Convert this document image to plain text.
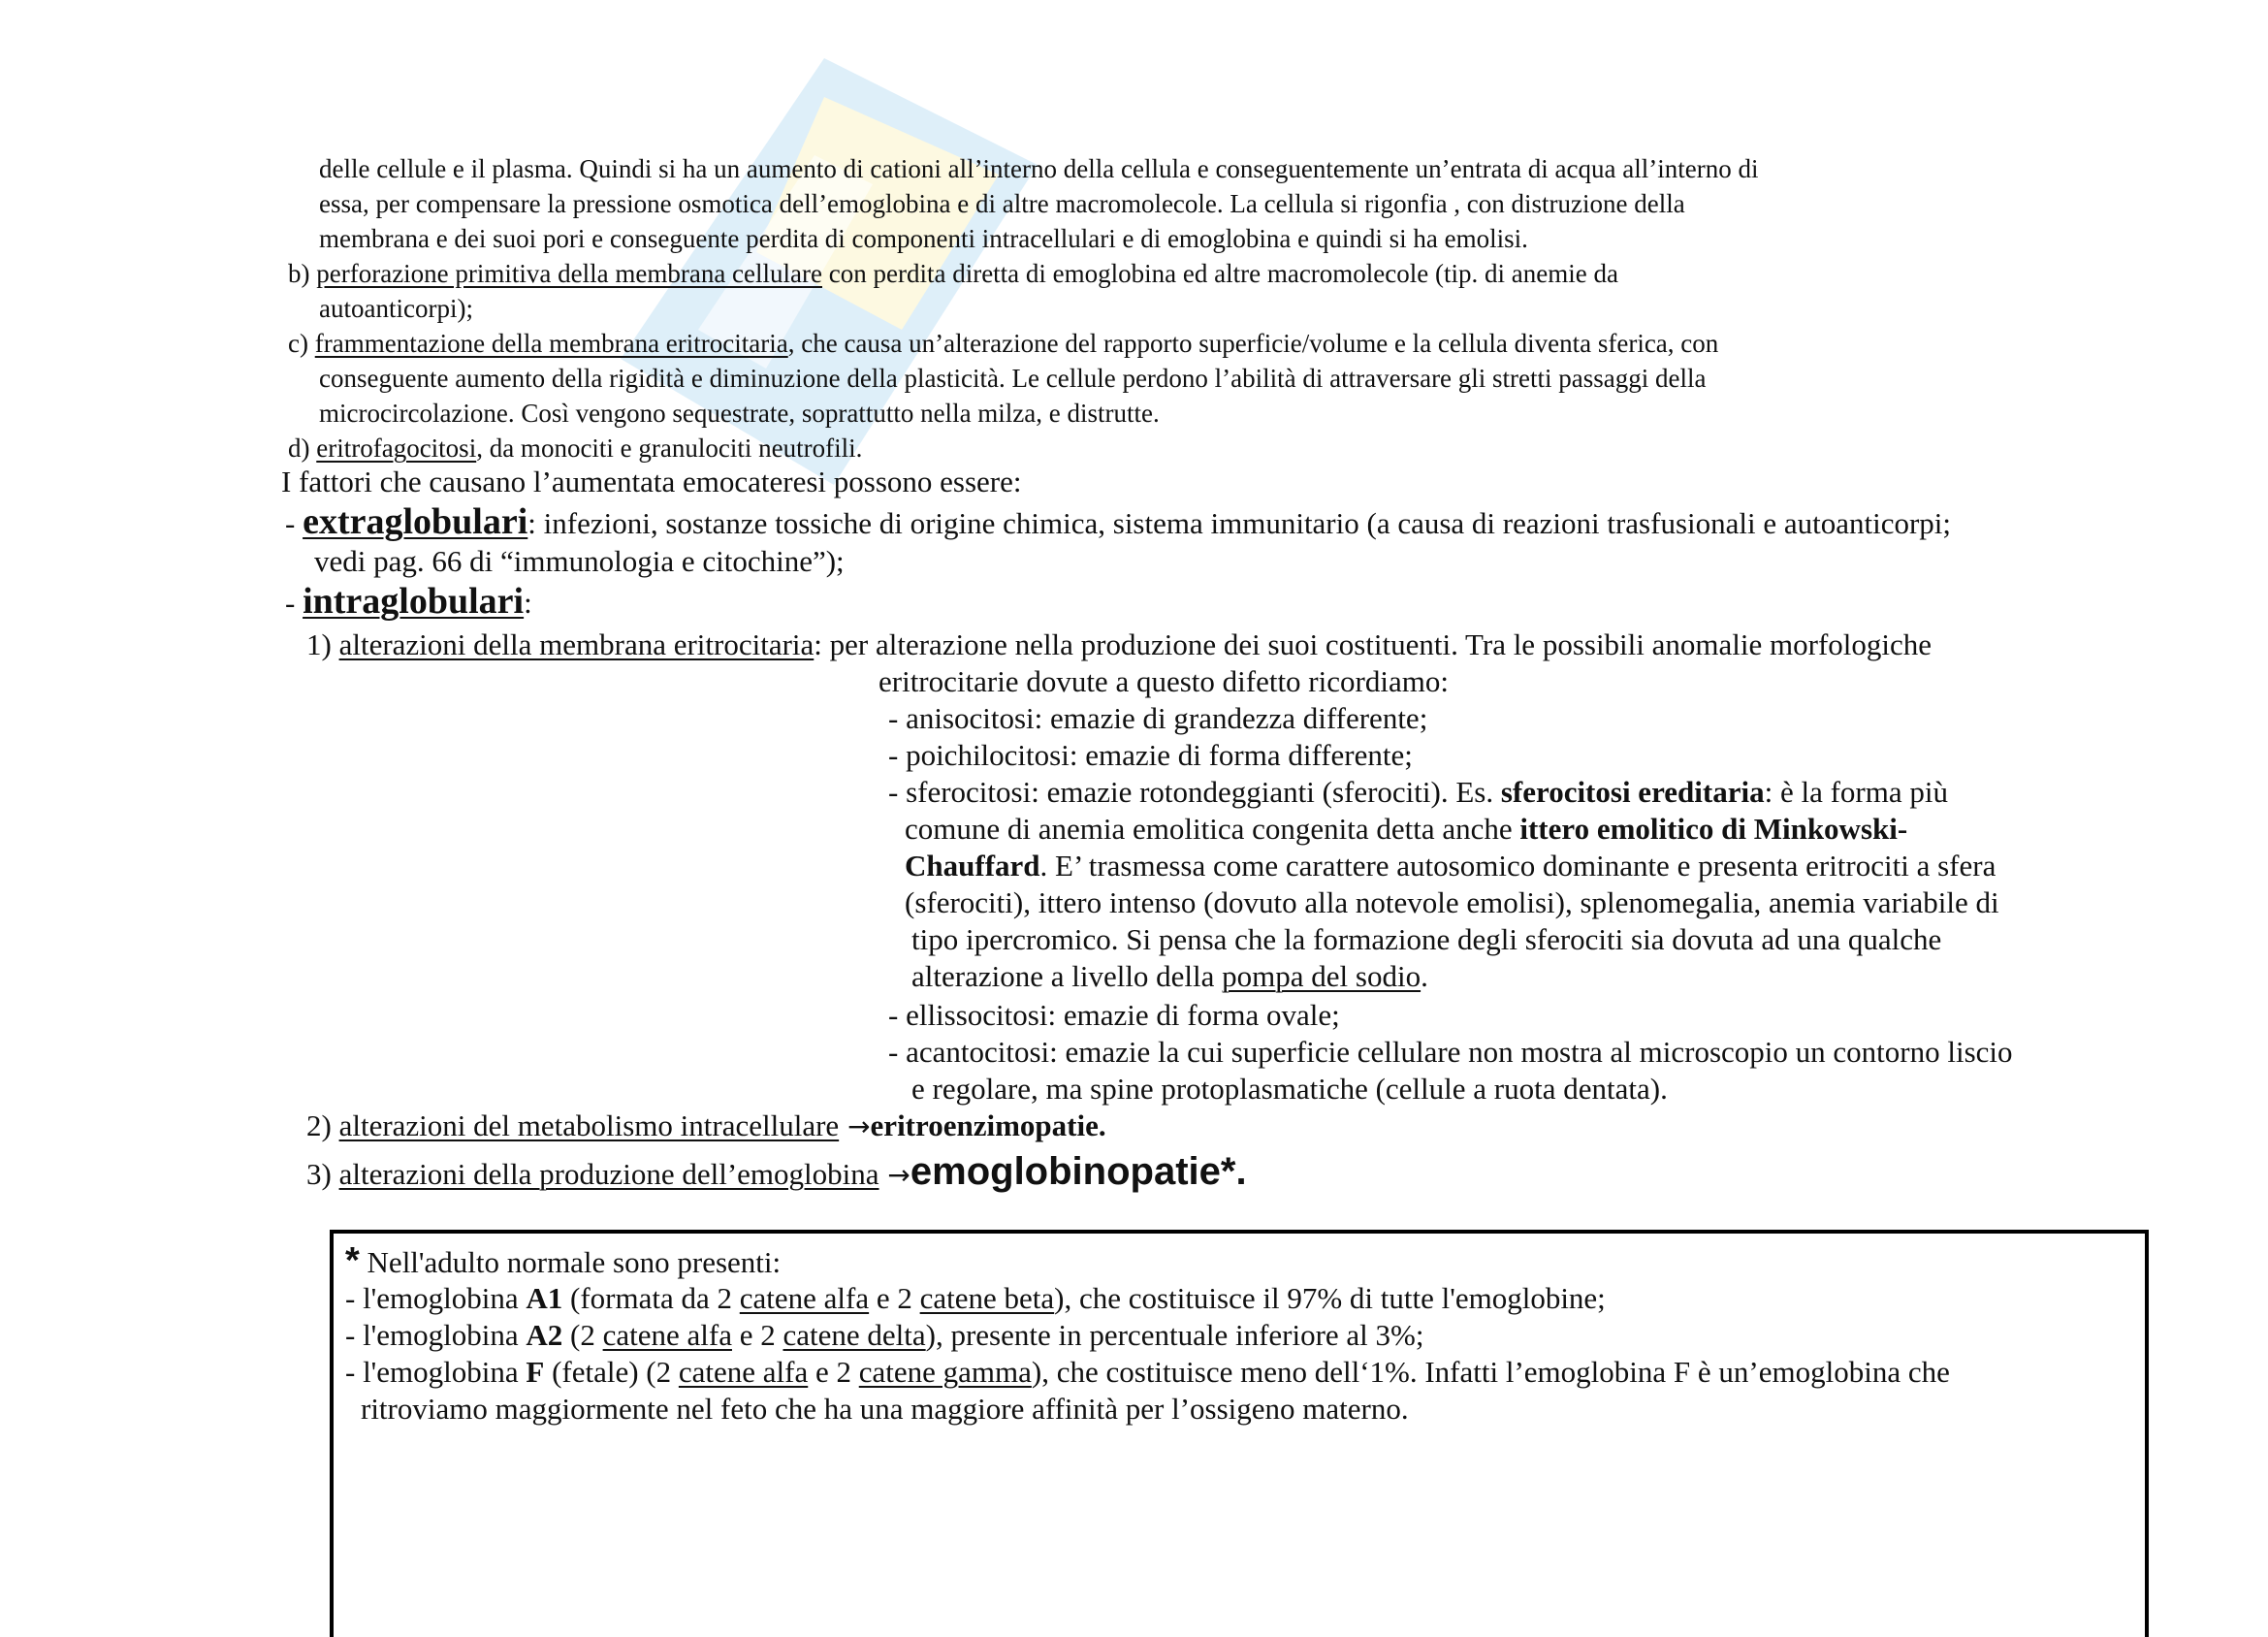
delle cellule e il plasma. Quindi si ha un aumento di cationi all’interno della cellula e conseguentemente un’entrata di acqua all’interno di
essa, per compensare la pressione osmotica dell’emoglobina e di altre macromolecole. La cellula si rigonfia , con distruzione della
membrana e dei suoi pori e conseguente perdita di componenti intracellulari e di emoglobina e quindi si ha emolisi.
b) perforazione primitiva della membrana cellulare con perdita diretta di emoglobina ed altre macromolecole (tip. di anemie da
autoanticorpi);
c) frammentazione della membrana eritrocitaria, che causa un’alterazione del rapporto superficie/volume e la cellula diventa sferica, con
conseguente aumento della rigidità e diminuzione della plasticità. Le cellule perdono l’abilità di attraversare gli stretti passaggi della
microcircolazione. Così vengono sequestrate, soprattutto nella milza, e distrutte.
d) eritrofagocitosi, da monociti e granulociti neutrofili.
I fattori che causano l’aumentata emocateresi possono essere:
- extraglobulari: infezioni, sostanze tossiche di origine chimica, sistema immunitario (a causa di reazioni trasfusionali e autoanticorpi;
vedi pag. 66 di “immunologia e citochine”);
- intraglobulari:
1) alterazioni della membrana eritrocitaria: per alterazione nella produzione dei suoi costituenti. Tra le possibili anomalie morfologiche
eritrocitarie dovute a questo difetto ricordiamo:
- anisocitosi: emazie di grandezza differente;
- poichilocitosi: emazie di forma differente;
- sferocitosi: emazie rotondeggianti (sferociti). Es. sferocitosi ereditaria: è la forma più
comune di anemia emolitica congenita detta anche ittero emolitico di Minkowski-
Chauffard. E’ trasmessa come carattere autosomico dominante e presenta eritrociti a sfera
(sferociti), ittero intenso (dovuto alla notevole emolisi), splenomegalia, anemia variabile di
tipo ipercromico. Si pensa che la formazione degli sferociti sia dovuta ad una qualche
alterazione a livello della pompa del sodio.
- ellissocitosi: emazie di forma ovale;
- acantocitosi: emazie la cui superficie cellulare non mostra al microscopio un contorno liscio
e regolare, ma spine protoplasmatiche (cellule a ruota dentata).
2) alterazioni del metabolismo intracellulare →eritroenzimopatie.
3) alterazioni della produzione dell’emoglobina →emoglobinopatie*.
* Nell'adulto normale sono presenti:
- l'emoglobina A1 (formata da 2 catene alfa e 2 catene beta), che costituisce il 97% di tutte l'emoglobine;
- l'emoglobina A2 (2 catene alfa e 2 catene delta), presente in percentuale inferiore al 3%;
- l'emoglobina F (fetale) (2 catene alfa e 2 catene gamma), che costituisce meno dell‘1%. Infatti l’emoglobina F è un’emoglobina che
ritroviamo maggiormente nel feto che ha una maggiore affinità per l’ossigeno materno.
